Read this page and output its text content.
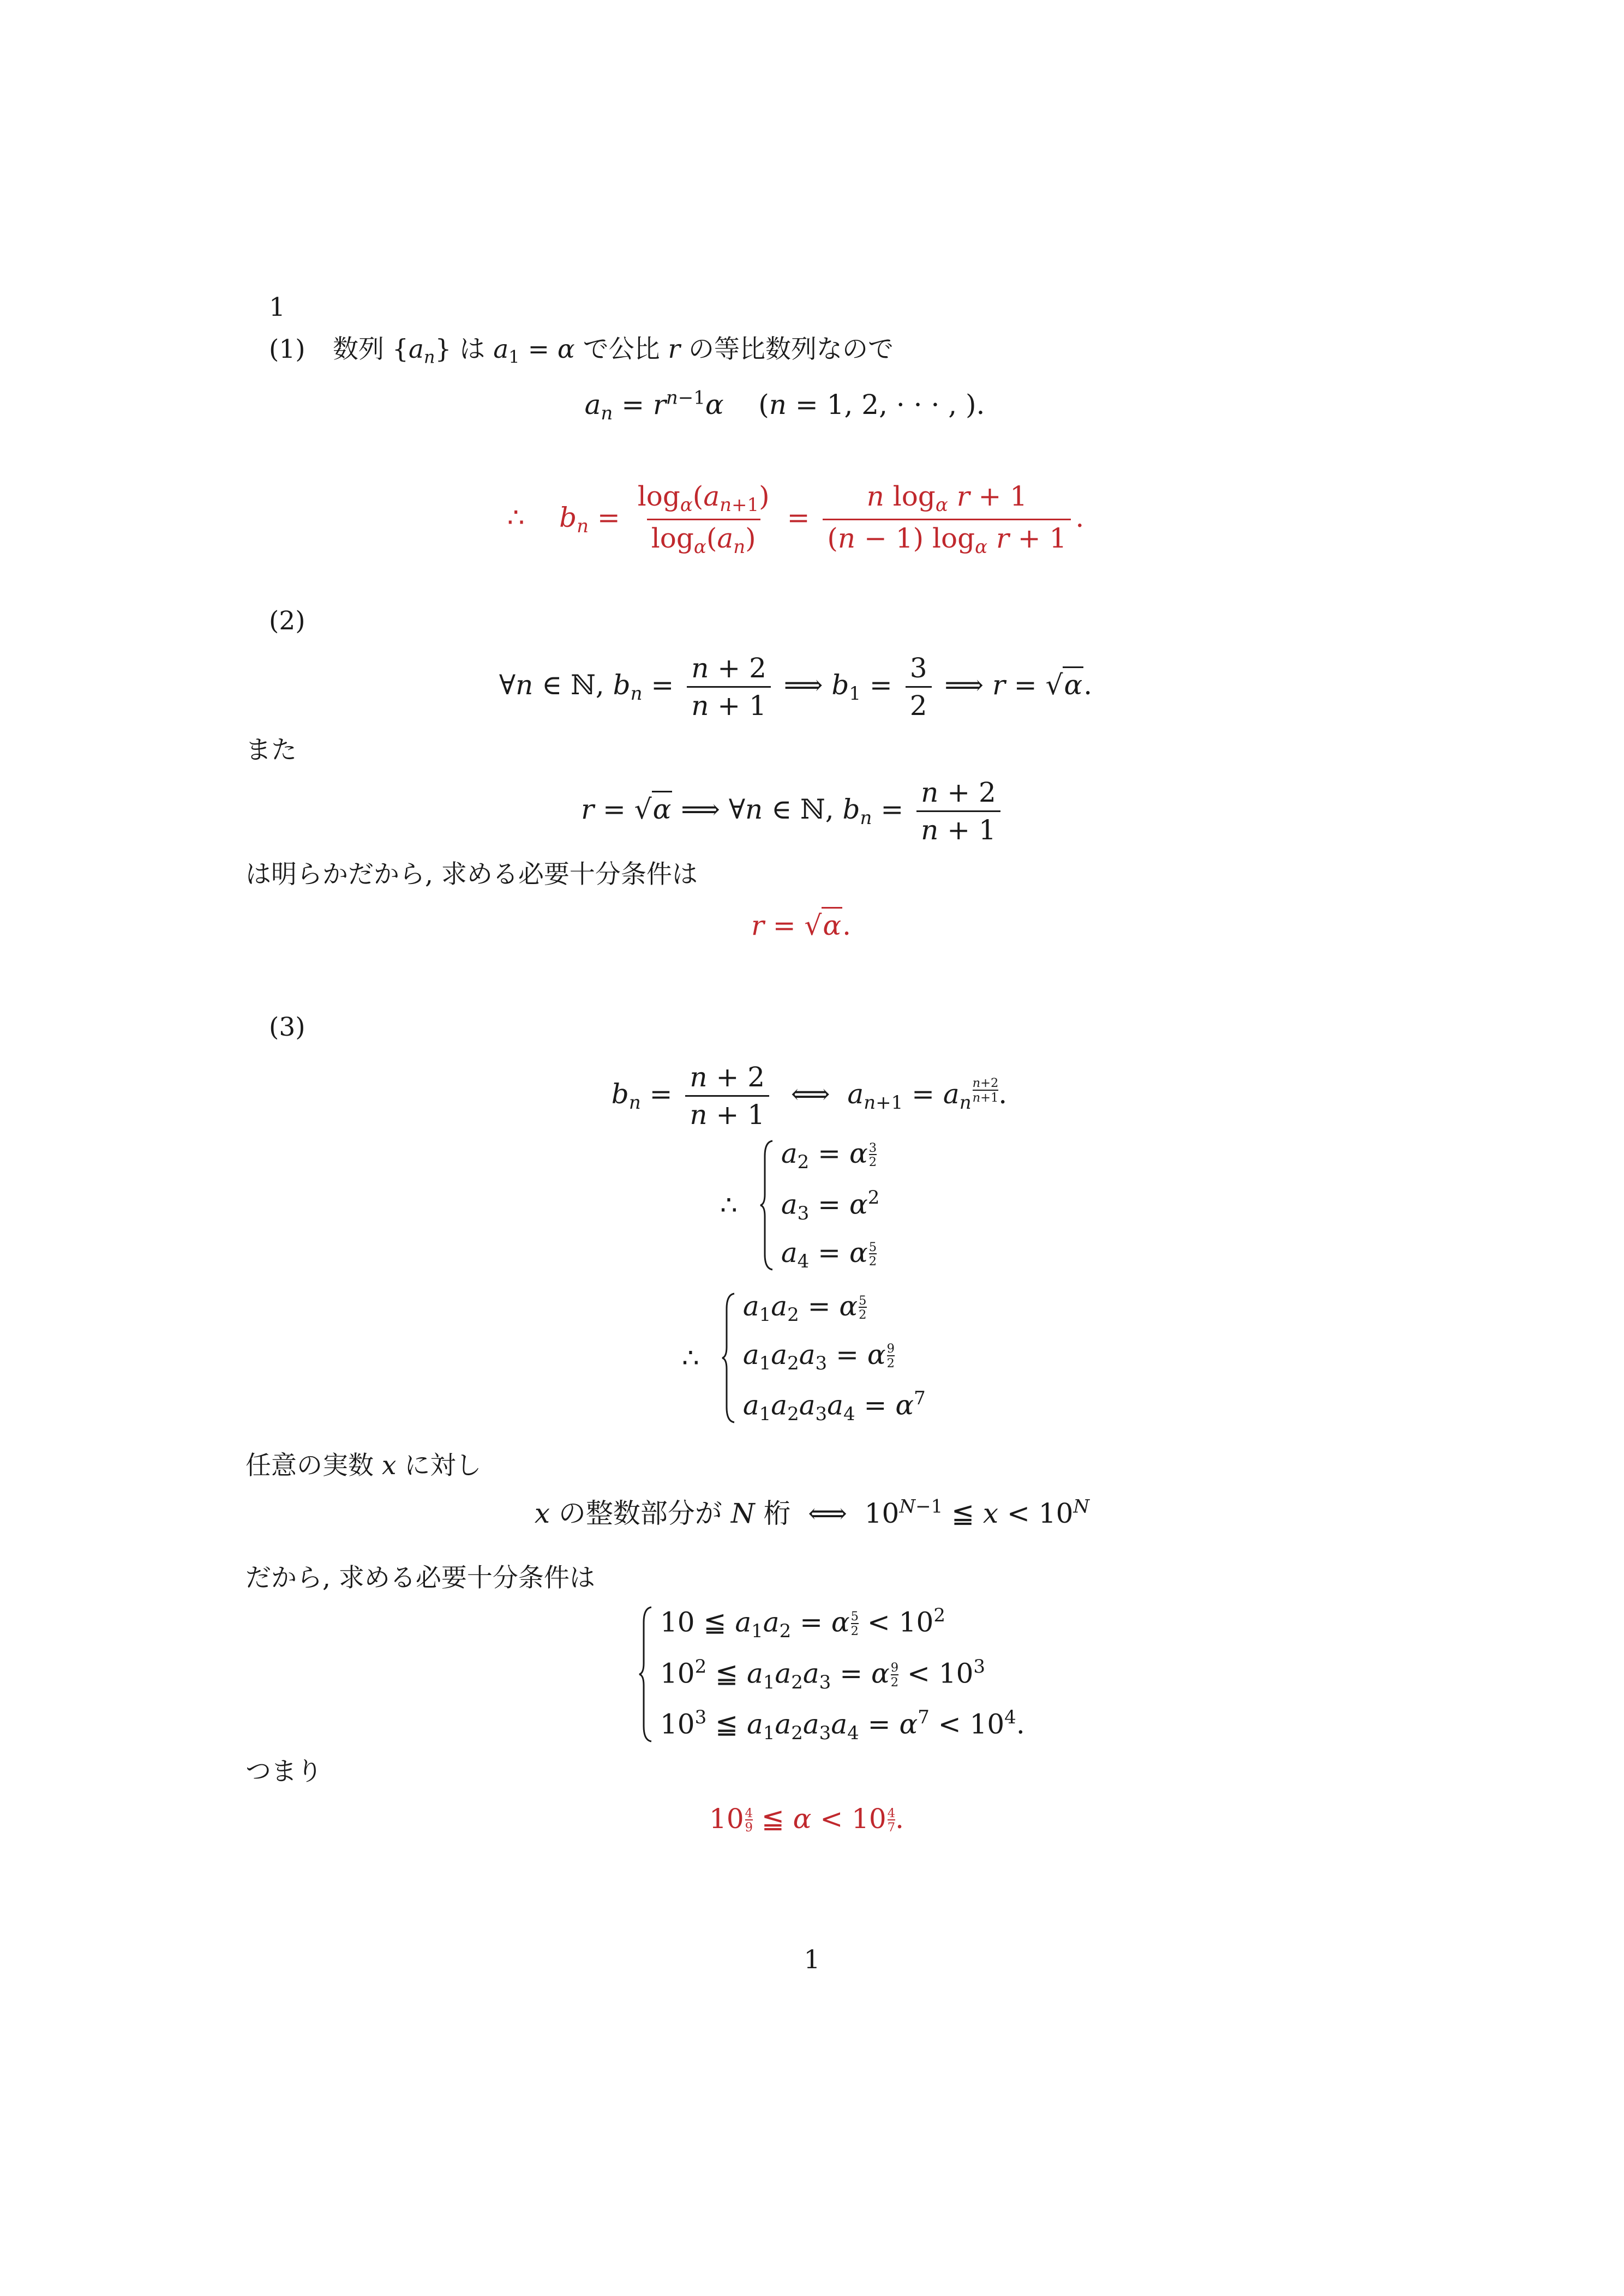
1
(1) 数列 $\{a_n\}$ は $a_1 = \alpha$ で公比 r の等比数列なので
$a_n = r^{n-1}\alpha$    (n = 1, 2, · · · , ).
∴    $b_n = \frac{\log_\alpha(a_{n+1})}{\log_\alpha(a_n)} = \frac{n \log_\alpha r + 1}{(n - 1) \log_\alpha r + 1}$ .
(2)
∀n ∈ ℕ, $b_n = \frac{n + 2}{n + 1}$ ⟹ $b_1 = \frac{3}{2}$ ⟹ r = √α.
また
r = √α ⟹ ∀n ∈ ℕ, $b_n = \frac{n + 2}{n + 1}$
は明らかだから, 求める必要十分条件は
r = √α.
(3)
$b_n = \frac{n + 2}{n + 1}$ ⟺  $a_{n+1} = a_n \frac{n+2}{n+1}$ .
∴
$a_2 = \alpha \frac{3}{2}$
$a_3 = \alpha^2$
$a_4 = \alpha \frac{5}{2}$
∴
$a_1a_2 = \alpha \frac{5}{2}$
$a_1a_2a_3 = \alpha \frac{9}{2}$
$a_1a_2a_3a_4 = \alpha^7$
任意の実数 x に対し
x の整数部分が N 桁  ⟺  $10^{N-1}$ ≦ $x < 10^N$
だから, 求める必要十分条件は
10 ≦ $a_1a_2 = \alpha \frac{5}{2} < 10^2$
$10^2$ ≦ $a_1a_2a_3 = \alpha \frac{9}{2} < 10^3$
$10^3$ ≦ $a_1a_2a_3a_4 = \alpha^7 < 10^4$.
つまり
$10 \frac{4}{9}$ ≦ $\alpha < 10 \frac{4}{7}$ .
1
